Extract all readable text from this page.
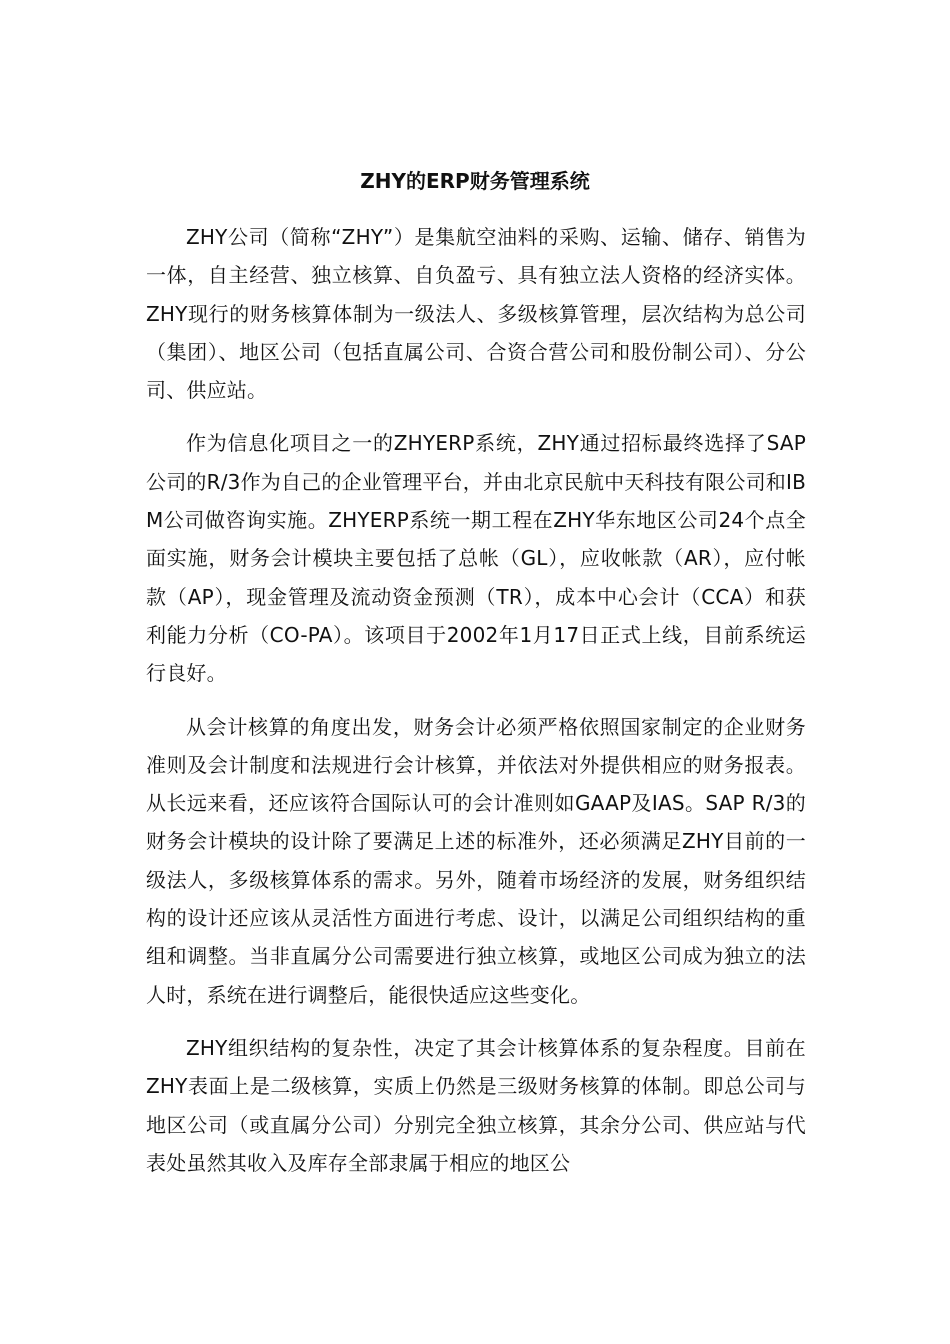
ZHY的ERP财务管理系统

ZHY公司（简称“ZHY”）是集航空油料的采购、运输、储存、销售为一体，自主经营、独立核算、自负盈亏、具有独立法人资格的经济实体。ZHY现行的财务核算体制为一级法人、多级核算管理，层次结构为总公司（集团）、地区公司（包括直属公司、合资合营公司和股份制公司）、分公司、供应站。

作为信息化项目之一的ZHYERP系统，ZHY通过招标最终选择了SAP公司的R/3作为自己的企业管理平台，并由北京民航中天科技有限公司和IBM公司做咨询实施。ZHYERP系统一期工程在ZHY华东地区公司24个点全面实施，财务会计模块主要包括了总帐（GL），应收帐款（AR），应付帐款（AP），现金管理及流动资金预测（TR），成本中心会计（CCA）和获利能力分析（CO-PA）。该项目于2002年1月17日正式上线，目前系统运行良好。

从会计核算的角度出发，财务会计必须严格依照国家制定的企业财务准则及会计制度和法规进行会计核算，并依法对外提供相应的财务报表。从长远来看，还应该符合国际认可的会计准则如GAAP及IAS。SAP R/3的财务会计模块的设计除了要满足上述的标准外，还必须满足ZHY目前的一级法人，多级核算体系的需求。另外，随着市场经济的发展，财务组织结构的设计还应该从灵活性方面进行考虑、设计，以满足公司组织结构的重组和调整。当非直属分公司需要进行独立核算，或地区公司成为独立的法人时，系统在进行调整后，能很快适应这些变化。

ZHY组织结构的复杂性，决定了其会计核算体系的复杂程度。目前在ZHY表面上是二级核算，实质上仍然是三级财务核算的体制。即总公司与地区公司（或直属分公司）分别完全独立核算，其余分公司、供应站与代表处虽然其收入及库存全部隶属于相应的地区公
